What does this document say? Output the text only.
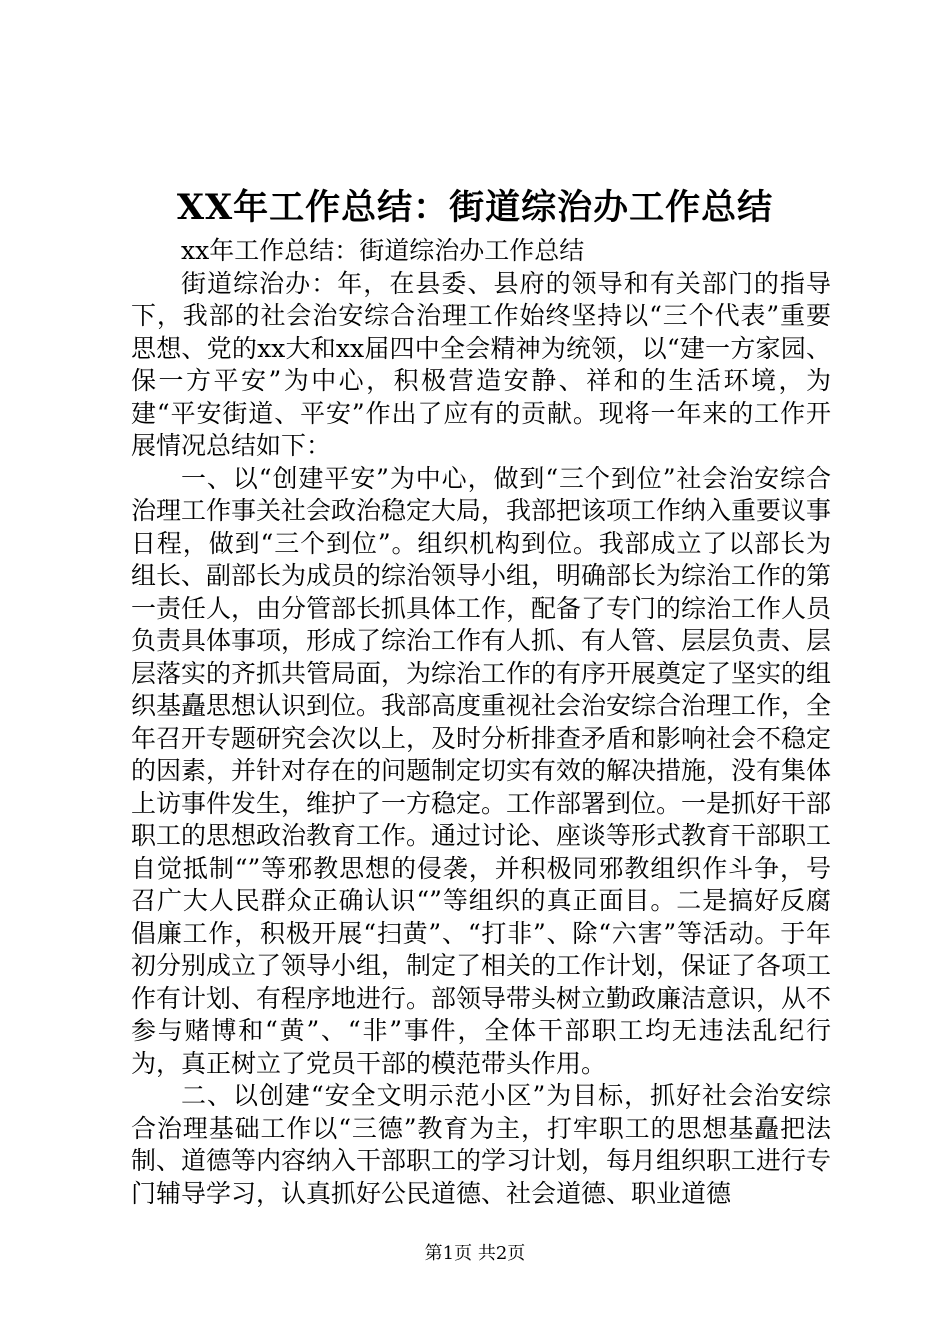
XX年工作总结：街道综治办工作总结

xx年工作总结：街道综治办工作总结

街道综治办：年，在县委、县府的领导和有关部门的指导下，我部的社会治安综合治理工作始终坚持以“三个代表”重要思想、党的xx大和xx届四中全会精神为统领，以“建一方家园、保一方平安”为中心，积极营造安静、祥和的生活环境，为建“平安街道、平安”作出了应有的贡献。现将一年来的工作开展情况总结如下：

一、以“创建平安”为中心，做到“三个到位”社会治安综合治理工作事关社会政治稳定大局，我部把该项工作纳入重要议事日程，做到“三个到位”。组织机构到位。我部成立了以部长为组长、副部长为成员的综治领导小组，明确部长为综治工作的第一责任人，由分管部长抓具体工作，配备了专门的综治工作人员负责具体事项，形成了综治工作有人抓、有人管、层层负责、层层落实的齐抓共管局面，为综治工作的有序开展奠定了坚实的组织基矗思想认识到位。我部高度重视社会治安综合治理工作，全年召开专题研究会次以上，及时分析排查矛盾和影响社会不稳定的因素，并针对存在的问题制定切实有效的解决措施，没有集体上访事件发生，维护了一方稳定。工作部署到位。一是抓好干部职工的思想政治教育工作。通过讨论、座谈等形式教育干部职工自觉抵制“”等邪教思想的侵袭，并积极同邪教组织作斗争，号召广大人民群众正确认识“”等组织的真正面目。二是搞好反腐倡廉工作，积极开展“扫黄”、“打非”、除“六害”等活动。于年初分别成立了领导小组，制定了相关的工作计划，保证了各项工作有计划、有程序地进行。部领导带头树立勤政廉洁意识，从不参与赌博和“黄”、“非”事件，全体干部职工均无违法乱纪行为，真正树立了党员干部的模范带头作用。

二、以创建“安全文明示范小区”为目标，抓好社会治安综合治理基础工作以“三德”教育为主，打牢职工的思想基矗把法制、道德等内容纳入干部职工的学习计划，每月组织职工进行专门辅导学习，认真抓好公民道德、社会道德、职业道德

第1页 共2页
